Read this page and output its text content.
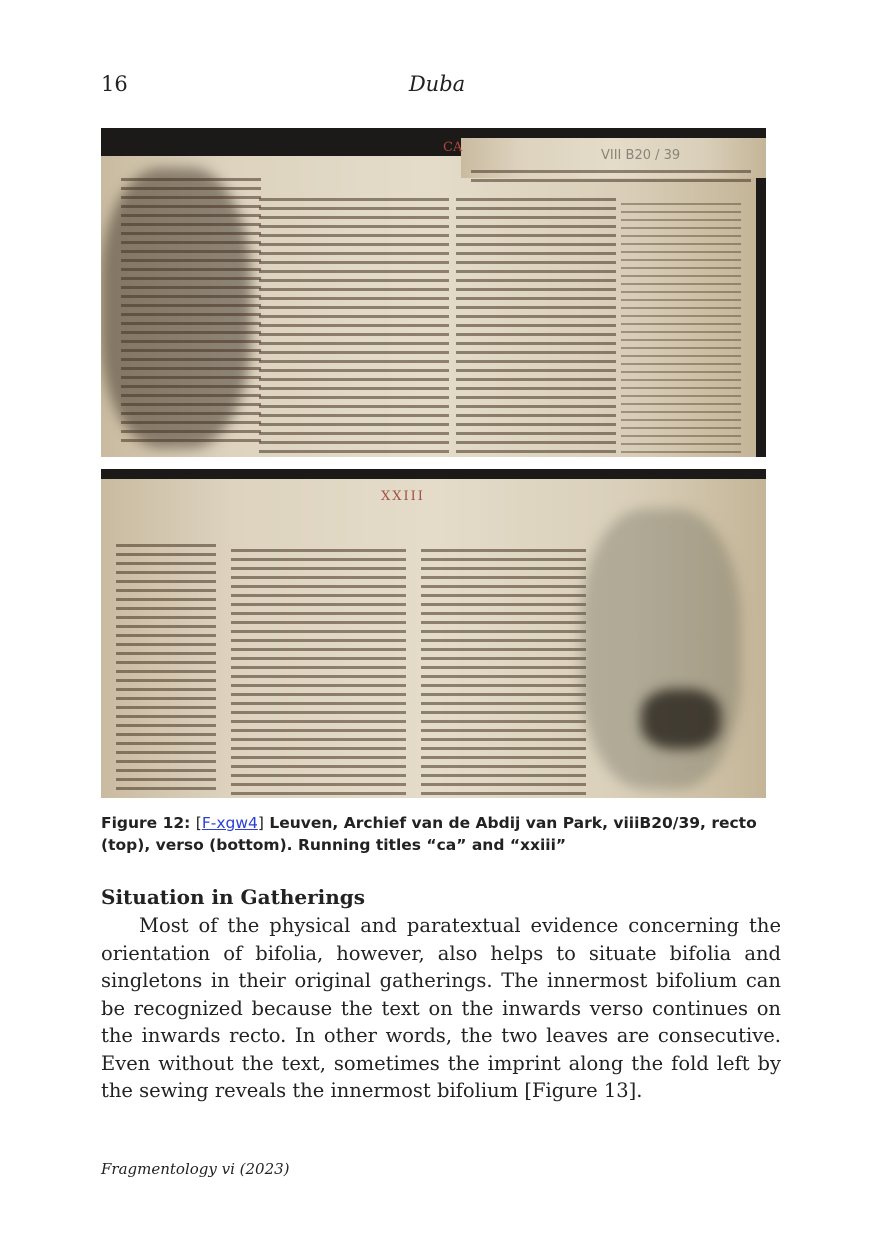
16	Duba
CA
VIII B20 / 39
XXIII
Figure 12: [F-xgw4] Leuven, Archief van de Abdij van Park, viiiB20/39, recto (top), verso (bottom). Running titles “ca” and “xxiii”
Situation in Gatherings
Most of the physical and paratextual evidence concerning the orientation of bifolia, however, also helps to situate bifolia and singletons in their original gatherings. The innermost bifolium can be recognized because the text on the inwards verso continues on the inwards recto. In other words, the two leaves are consecutive. Even without the text, sometimes the imprint along the fold left by the sewing reveals the innermost bifolium [Figure 13].
Fragmentology vi (2023)
